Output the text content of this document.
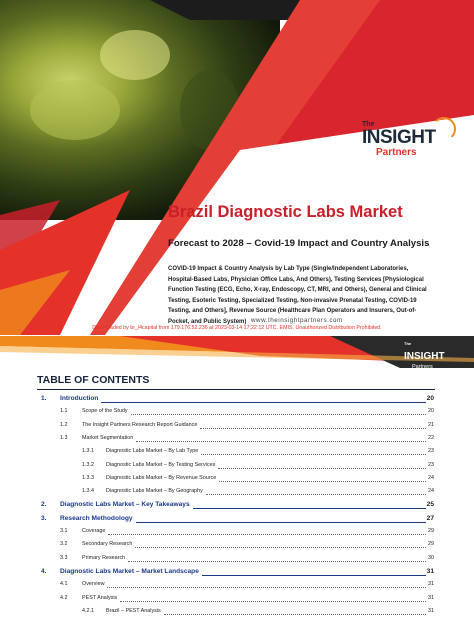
The
INSIGHT
Partners
Brazil Diagnostic Labs Market
Forecast to 2028 – Covid-19 Impact and Country Analysis
COVID-19 Impact & Country Analysis by Lab Type (Single/Independent Laboratories, Hospital-Based Labs, Physician Office Labs, And Others), Testing Services [Physiological Function Testing (ECG, Echo, X-ray, Endoscopy, CT, MRI, and Others), General and Clinical Testing, Esoteric Testing, Specialized Testing, Non-invasive Prenatal Testing, COVID-19 Testing, and Others], Revenue Source (Healthcare Plan Operators and Insurers, Out-of-Pocket, and Public System) www.theinsightpartners.com
Downloaded by br_l4capital from 179.176.52.236 at 2023-03-14 17:22:12 UTC. EMIS. Unauthorized Distribution Prohibited.
The
INSIGHT
Partners
TABLE OF CONTENTS
1. Introduction	20
1.1	Scope of the Study	20
1.2	The Insight Partners Research Report Guidance	21
1.3	Market Segmentation	22
1.3.1 Diagnostic Labs Market – By Lab Type	23
1.3.2 Diagnostic Labs Market – By Testing Services	23
1.3.3 Diagnostic Labs Market – By Revenue Source	24
1.3.4 Diagnostic Labs Market – By Geography	24
2. Diagnostic Labs Market – Key Takeaways	25
3. Research Methodology	27
3.1	Coverage	29
3.2	Secondary Research	29
3.3	Primary Research	30
4. Diagnostic Labs Market – Market Landscape	31
4.1	Overview	31
4.2	PEST Analysis	31
4.2.1 Brazil – PEST Analysis	31
